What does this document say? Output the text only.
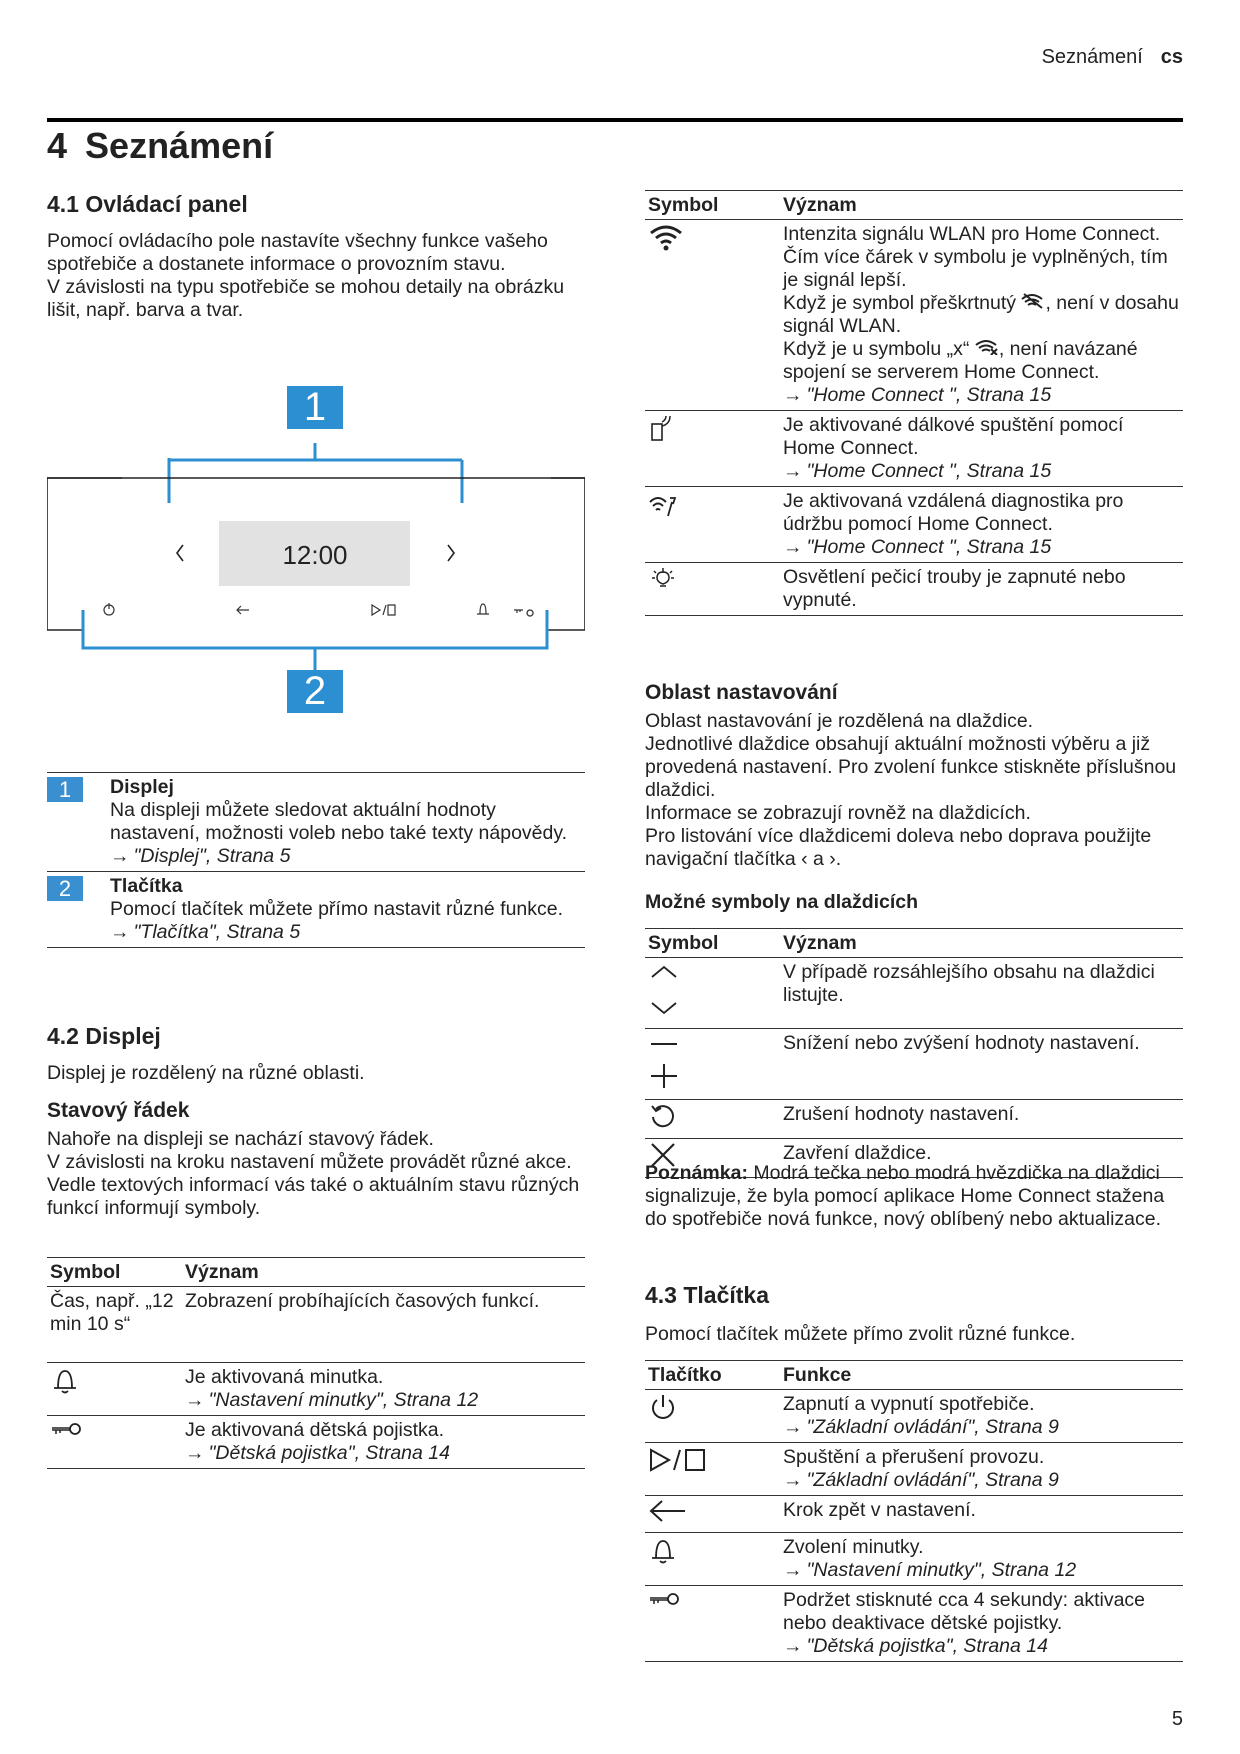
Seznámení cs
4 Seznámení
4.1 Ovládací panel

Pomocí ovládacího pole nastavíte všechny funkce vašeho spotřebiče a dostanete informace o provozním stavu.

V závislosti na typu spotřebiče se mohou detaily na obrázku lišit, např. barva a tvar.

12:00
1
2
1	Displej
Na displeji můžete sledovat aktuální hodnoty nastavení, možnosti voleb nebo také texty nápovědy.
→ "Displej", Strana 5
2	Tlačítka
Pomocí tlačítek můžete přímo nastavit různé funkce.
→ "Tlačítka", Strana 5
4.2 Displej

Displej je rozdělený na různé oblasti.

Stavový řádek

Nahoře na displeji se nachází stavový řádek.

V závislosti na kroku nastavení můžete provádět různé akce.

Vedle textových informací vás také o aktuálním stavu různých funkcí informují symboly.

Symbol	Význam
Čas, např. „12 min 10 s“	Zobrazení probíhajících časových funkcí.

Je aktivovaná minutka.
→ "Nastavení minutky", Strana 12

Je aktivovaná dětská pojistka.
→ "Dětská pojistka", Strana 14
Symbol	Význam

Intenzita signálu WLAN pro Home Connect.
Čím více čárek v symbolu je vyplněných, tím je signál lepší.
Když je symbol přeškrtnutý , není v dosahu signál WLAN.
Když je u symbolu „x“ , není navázané spojení se serverem Home Connect.
→ "Home Connect ", Strana 15

Je aktivované dálkové spuštění pomocí Home Connect.
→ "Home Connect ", Strana 15

Je aktivovaná vzdálená diagnostika pro údržbu pomocí Home Connect.
→ "Home Connect ", Strana 15

	Osvětlení pečicí trouby je zapnuté nebo vypnuté.
Oblast nastavování

Oblast nastavování je rozdělená na dlaždice.

Jednotlivé dlaždice obsahují aktuální možnosti výběru a již provedená nastavení. Pro zvolení funkce stiskněte příslušnou dlaždici.

Informace se zobrazují rovněž na dlaždicích.

Pro listování více dlaždicemi doleva nebo doprava použijte navigační tlačítka ‹ a ›.

Možné symboly na dlaždicích
Symbol	Význam
	V případě rozsáhlejšího obsahu na dlaždici listujte.
	Snížení nebo zvýšení hodnoty nastavení.
	Zrušení hodnoty nastavení.
	Zavření dlaždice.

Poznámka: Modrá tečka nebo modrá hvězdička na dlaždici signalizuje, že byla pomocí aplikace Home Connect stažena do spotřebiče nová funkce, nový oblíbený nebo aktualizace.

4.3 Tlačítka

Pomocí tlačítek můžete přímo zvolit různé funkce.

Tlačítko	Funkce

Zapnutí a vypnutí spotřebiče.
→ "Základní ovládání", Strana 9

Spuštění a přerušení provozu.
→ "Základní ovládání", Strana 9

	Krok zpět v nastavení.

Zvolení minutky.
→ "Nastavení minutky", Strana 12

Podržet stisknuté cca 4 sekundy: aktivace nebo deaktivace dětské pojistky.
→ "Dětská pojistka", Strana 14
5
